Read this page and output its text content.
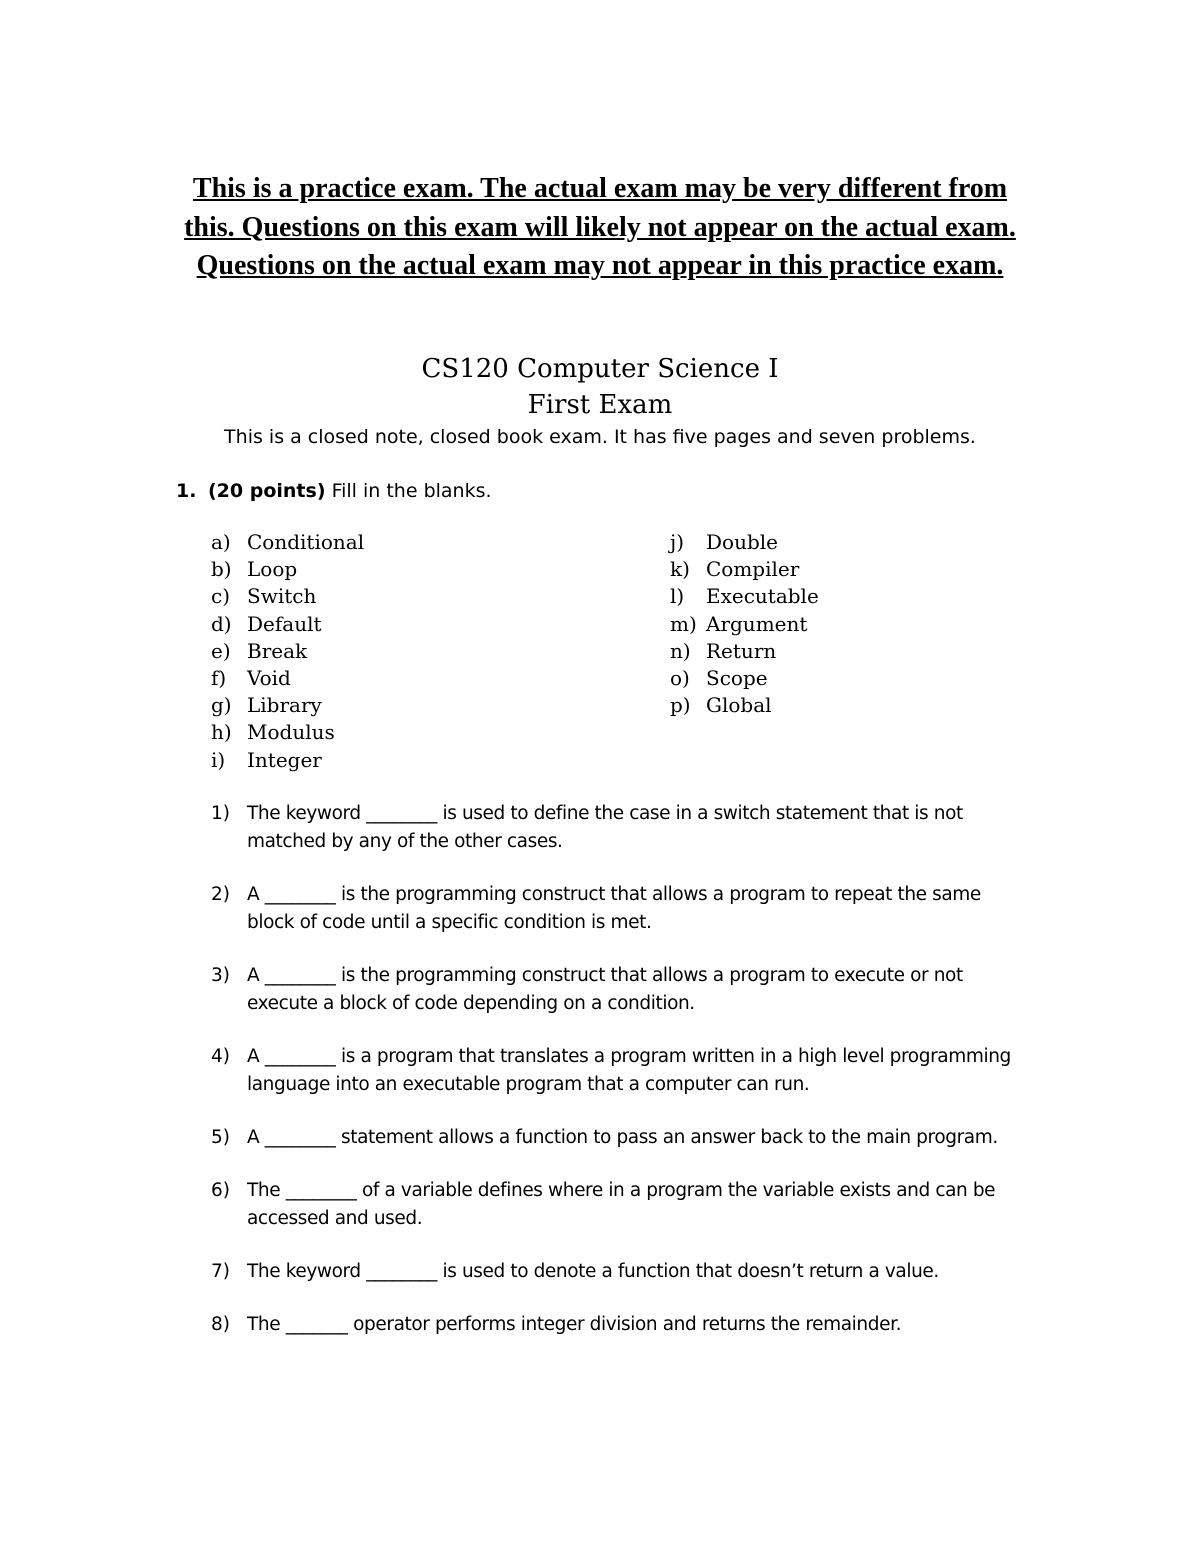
This is a practice exam. The actual exam may be very different from this. Questions on this exam will likely not appear on the actual exam. Questions on the actual exam may not appear in this practice exam.
CS120 Computer Science I
First Exam
This is a closed note, closed book exam. It has five pages and seven problems.
1. (20 points) Fill in the blanks.
a) Conditional
b) Loop
c) Switch
d) Default
e) Break
f)	Void
g) Library
h) Modulus
i)	Integer
j)	Double
k) Compiler
l)	Executable
m) Argument
n) Return
o) Scope
p) Global
1) The keyword ________ is used to define the case in a switch statement that is not matched by any of the other cases.
2) A ________ is the programming construct that allows a program to repeat the same block of code until a specific condition is met.
3) A ________ is the programming construct that allows a program to execute or not execute a block of code depending on a condition.
4) A ________ is a program that translates a program written in a high level programming language into an executable program that a computer can run.
5) A ________ statement allows a function to pass an answer back to the main program.
6) The ________ of a variable defines where in a program the variable exists and can be accessed and used.
7) The keyword ________ is used to denote a function that doesn’t return a value.
8) The _______ operator performs integer division and returns the remainder.
